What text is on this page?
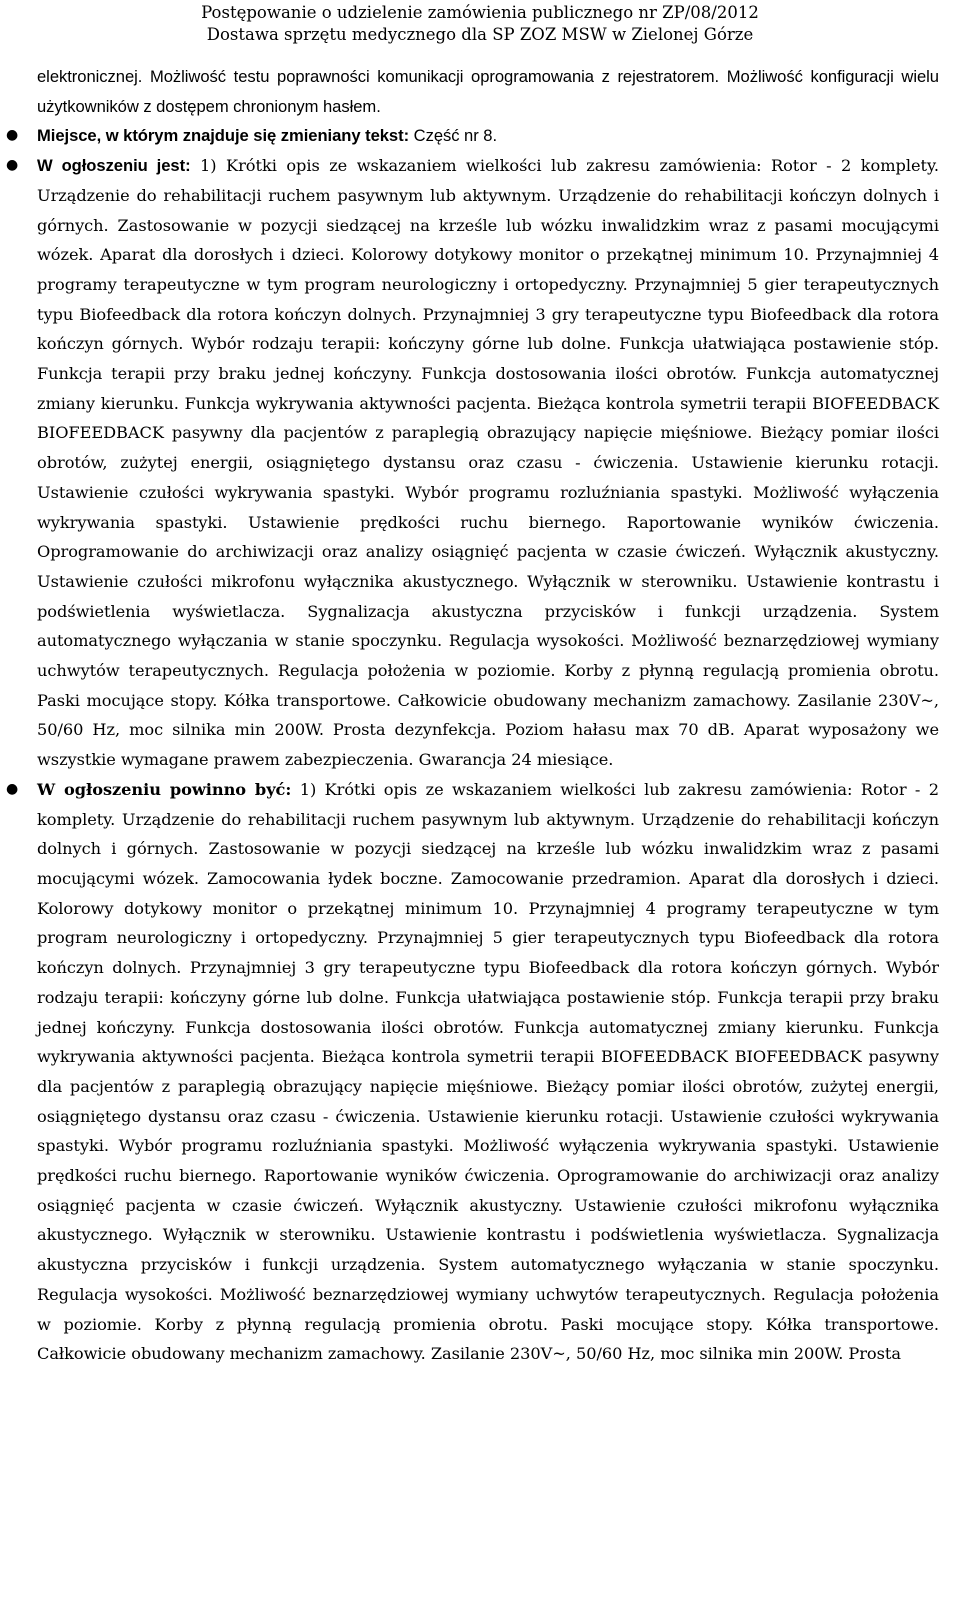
Postępowanie o udzielenie zamówienia publicznego nr ZP/08/2012
Dostawa sprzętu medycznego dla SP ZOZ MSW w Zielonej Górze

elektronicznej. Możliwość testu poprawności komunikacji oprogramowania z rejestratorem. Możliwość konfiguracji wielu użytkowników z dostępem chronionym hasłem.

● Miejsce, w którym znajduje się zmieniany tekst: Część nr 8.

● W ogłoszeniu jest: 1) Krótki opis ze wskazaniem wielkości lub zakresu zamówienia: Rotor - 2 komplety. Urządzenie do rehabilitacji ruchem pasywnym lub aktywnym. Urządzenie do rehabilitacji kończyn dolnych i górnych. Zastosowanie w pozycji siedzącej na krześle lub wózku inwalidzkim wraz z pasami mocującymi wózek. Aparat dla dorosłych i dzieci. Kolorowy dotykowy monitor o przekątnej minimum 10. Przynajmniej 4 programy terapeutyczne w tym program neurologiczny i ortopedyczny. Przynajmniej 5 gier terapeutycznych typu Biofeedback dla rotora kończyn dolnych. Przynajmniej 3 gry terapeutyczne typu Biofeedback dla rotora kończyn górnych. Wybór rodzaju terapii: kończyny górne lub dolne. Funkcja ułatwiająca postawienie stóp. Funkcja terapii przy braku jednej kończyny. Funkcja dostosowania ilości obrotów. Funkcja automatycznej zmiany kierunku. Funkcja wykrywania aktywności pacjenta. Bieżąca kontrola symetrii terapii BIOFEEDBACK BIOFEEDBACK pasywny dla pacjentów z paraplegią obrazujący napięcie mięśniowe. Bieżący pomiar ilości obrotów, zużytej energii, osiągniętego dystansu oraz czasu - ćwiczenia. Ustawienie kierunku rotacji. Ustawienie czułości wykrywania spastyki. Wybór programu rozluźniania spastyki. Możliwość wyłączenia wykrywania spastyki. Ustawienie prędkości ruchu biernego. Raportowanie wyników ćwiczenia. Oprogramowanie do archiwizacji oraz analizy osiągnięć pacjenta w czasie ćwiczeń. Wyłącznik akustyczny. Ustawienie czułości mikrofonu wyłącznika akustycznego. Wyłącznik w sterowniku. Ustawienie kontrastu i podświetlenia wyświetlacza. Sygnalizacja akustyczna przycisków i funkcji urządzenia. System automatycznego wyłączania w stanie spoczynku. Regulacja wysokości. Możliwość beznarzędziowej wymiany uchwytów terapeutycznych. Regulacja położenia w poziomie. Korby z płynną regulacją promienia obrotu. Paski mocujące stopy. Kółka transportowe. Całkowicie obudowany mechanizm zamachowy. Zasilanie 230V~, 50/60 Hz, moc silnika min 200W. Prosta dezynfekcja. Poziom hałasu max 70 dB. Aparat wyposażony we wszystkie wymagane prawem zabezpieczenia. Gwarancja 24 miesiące.

● W ogłoszeniu powinno być: 1) Krótki opis ze wskazaniem wielkości lub zakresu zamówienia: Rotor - 2 komplety. Urządzenie do rehabilitacji ruchem pasywnym lub aktywnym. Urządzenie do rehabilitacji kończyn dolnych i górnych. Zastosowanie w pozycji siedzącej na krześle lub wózku inwalidzkim wraz z pasami mocującymi wózek. Zamocowania łydek boczne. Zamocowanie przedramion. Aparat dla dorosłych i dzieci. Kolorowy dotykowy monitor o przekątnej minimum 10. Przynajmniej 4 programy terapeutyczne w tym program neurologiczny i ortopedyczny. Przynajmniej 5 gier terapeutycznych typu Biofeedback dla rotora kończyn dolnych. Przynajmniej 3 gry terapeutyczne typu Biofeedback dla rotora kończyn górnych. Wybór rodzaju terapii: kończyny górne lub dolne. Funkcja ułatwiająca postawienie stóp. Funkcja terapii przy braku jednej kończyny. Funkcja dostosowania ilości obrotów. Funkcja automatycznej zmiany kierunku. Funkcja wykrywania aktywności pacjenta. Bieżąca kontrola symetrii terapii BIOFEEDBACK BIOFEEDBACK pasywny dla pacjentów z paraplegią obrazujący napięcie mięśniowe. Bieżący pomiar ilości obrotów, zużytej energii, osiągniętego dystansu oraz czasu - ćwiczenia. Ustawienie kierunku rotacji. Ustawienie czułości wykrywania spastyki. Wybór programu rozluźniania spastyki. Możliwość wyłączenia wykrywania spastyki. Ustawienie prędkości ruchu biernego. Raportowanie wyników ćwiczenia. Oprogramowanie do archiwizacji oraz analizy osiągnięć pacjenta w czasie ćwiczeń. Wyłącznik akustyczny. Ustawienie czułości mikrofonu wyłącznika akustycznego. Wyłącznik w sterowniku. Ustawienie kontrastu i podświetlenia wyświetlacza. Sygnalizacja akustyczna przycisków i funkcji urządzenia. System automatycznego wyłączania w stanie spoczynku. Regulacja wysokości. Możliwość beznarzędziowej wymiany uchwytów terapeutycznych. Regulacja położenia w poziomie. Korby z płynną regulacją promienia obrotu. Paski mocujące stopy. Kółka transportowe. Całkowicie obudowany mechanizm zamachowy. Zasilanie 230V~, 50/60 Hz, moc silnika min 200W. Prosta
